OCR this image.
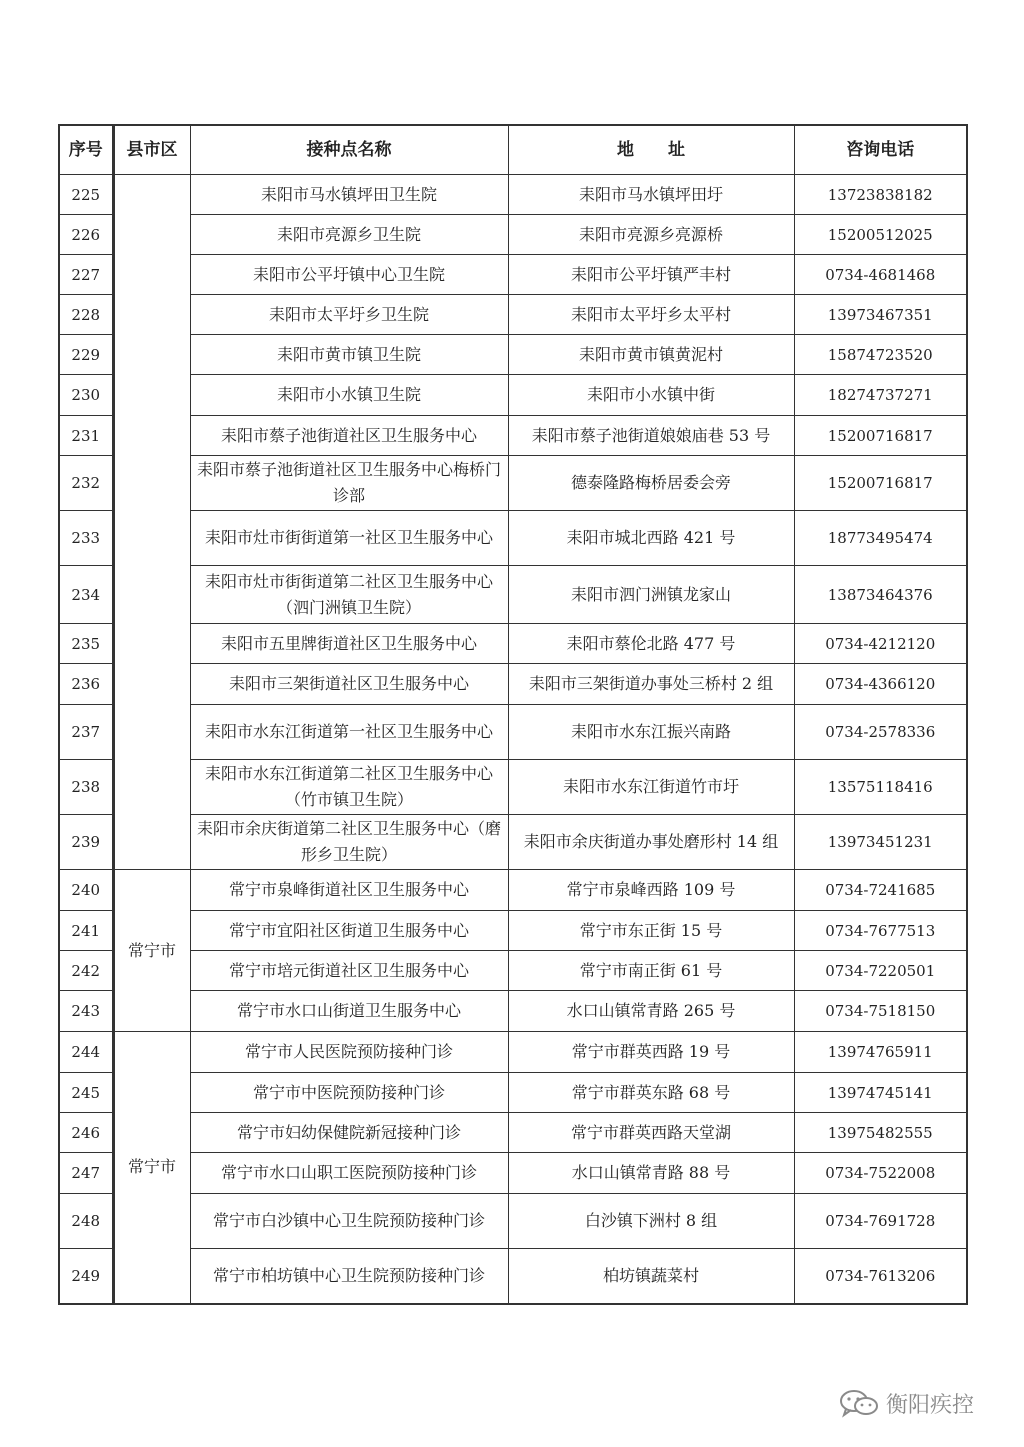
序号	县市区	接种点名称	地　　址	咨询电话
225		耒阳市马水镇坪田卫生院	耒阳市马水镇坪田圩	13723838182
226		耒阳市亮源乡卫生院	耒阳市亮源乡亮源桥	15200512025
227		耒阳市公平圩镇中心卫生院	耒阳市公平圩镇严丰村	0734-4681468
228		耒阳市太平圩乡卫生院	耒阳市太平圩乡太平村	13973467351
229		耒阳市黄市镇卫生院	耒阳市黄市镇黄泥村	15874723520
230		耒阳市小水镇卫生院	耒阳市小水镇中街	18274737271
231		耒阳市蔡子池街道社区卫生服务中心	耒阳市蔡子池街道娘娘庙巷 53 号	15200716817
232		耒阳市蔡子池街道社区卫生服务中心梅桥门诊部	德泰隆路梅桥居委会旁	15200716817
233		耒阳市灶市街街道第一社区卫生服务中心	耒阳市城北西路 421 号	18773495474
234		耒阳市灶市街街道第二社区卫生服务中心（泗门洲镇卫生院）	耒阳市泗门洲镇龙家山	13873464376
235		耒阳市五里牌街道社区卫生服务中心	耒阳市蔡伦北路 477 号	0734-4212120
236		耒阳市三架街道社区卫生服务中心	耒阳市三架街道办事处三桥村 2 组	0734-4366120
237		耒阳市水东江街道第一社区卫生服务中心	耒阳市水东江振兴南路	0734-2578336
238		耒阳市水东江街道第二社区卫生服务中心（竹市镇卫生院）	耒阳市水东江街道竹市圩	13575118416
239		耒阳市余庆街道第二社区卫生服务中心（磨形乡卫生院）	耒阳市余庆街道办事处磨形村 14 组	13973451231
240	常宁市	常宁市泉峰街道社区卫生服务中心	常宁市泉峰西路 109 号	0734-7241685
241		常宁市宜阳社区街道卫生服务中心	常宁市东正街 15 号	0734-7677513
242		常宁市培元街道社区卫生服务中心	常宁市南正街 61 号	0734-7220501
243		常宁市水口山街道卫生服务中心	水口山镇常青路 265 号	0734-7518150
244	常宁市	常宁市人民医院预防接种门诊	常宁市群英西路 19 号	13974765911
245		常宁市中医院预防接种门诊	常宁市群英东路 68 号	13974745141
246		常宁市妇幼保健院新冠接种门诊	常宁市群英西路天堂湖	13975482555
247		常宁市水口山职工医院预防接种门诊	水口山镇常青路 88 号	0734-7522008
248		常宁市白沙镇中心卫生院预防接种门诊	白沙镇下洲村 8 组	0734-7691728
249		常宁市柏坊镇中心卫生院预防接种门诊	柏坊镇蔬菜村	0734-7613206
衡阳疾控
